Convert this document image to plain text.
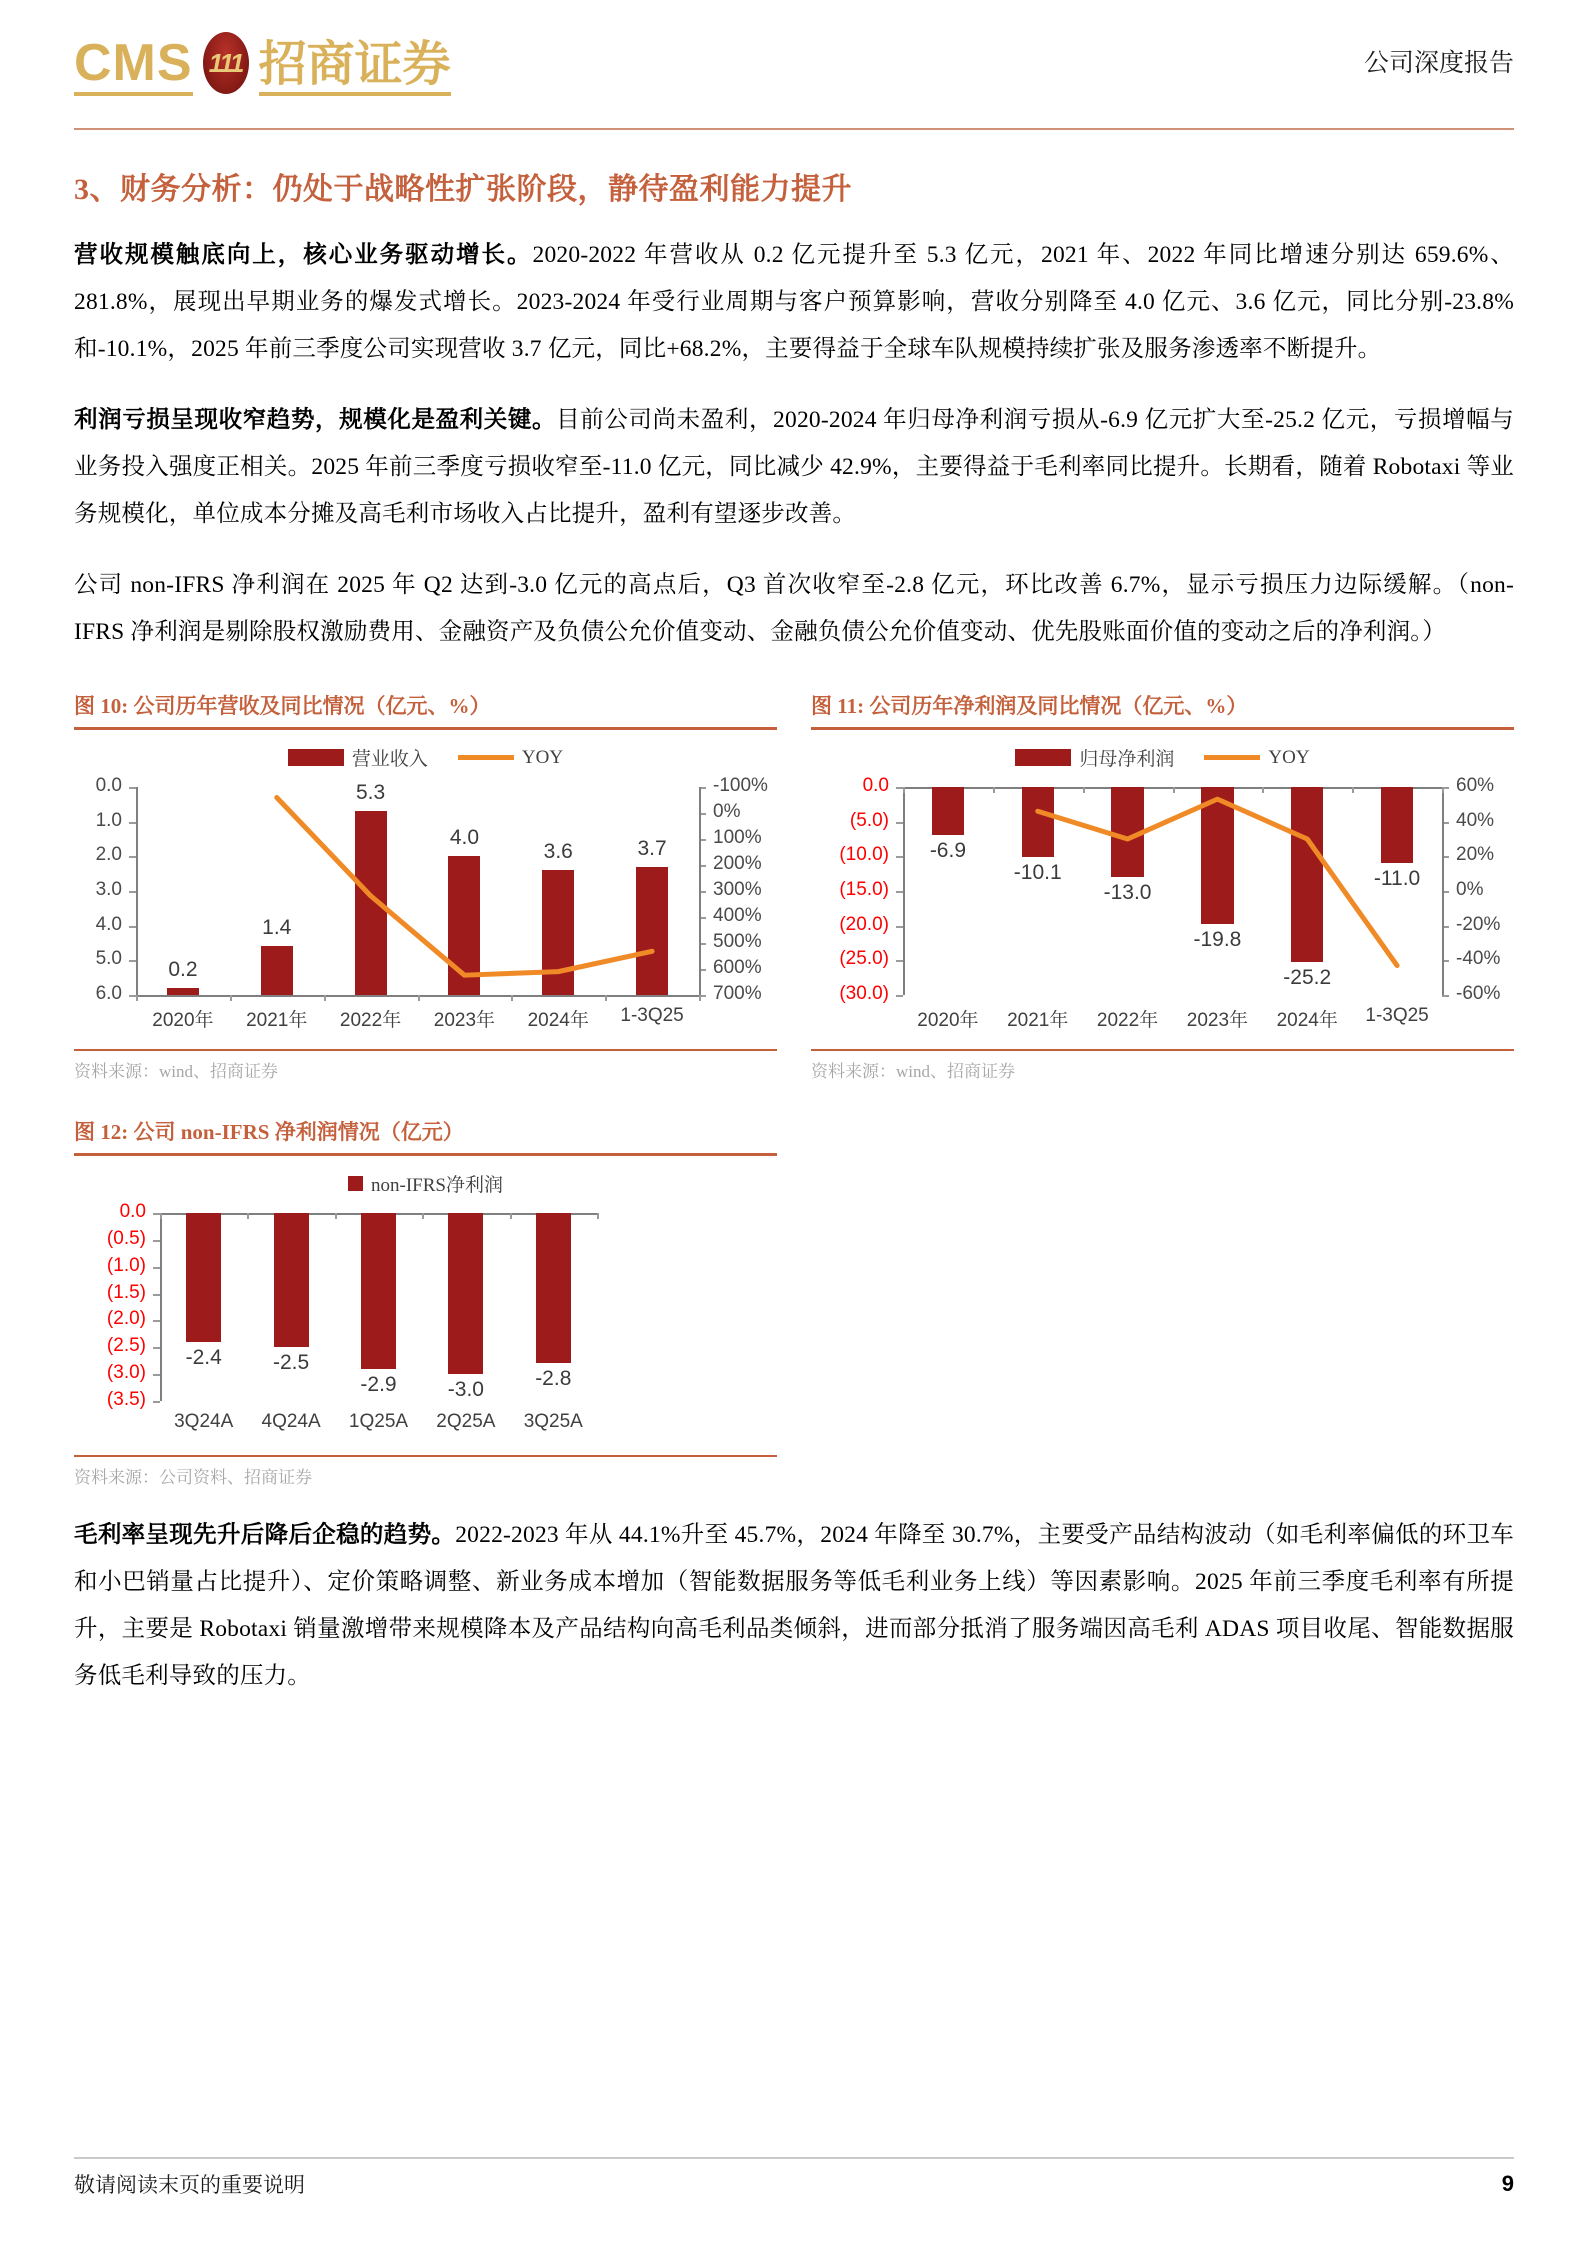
CMS 111 招商证券	公司深度报告
3、财务分析：仍处于战略性扩张阶段，静待盈利能力提升

营收规模触底向上，核心业务驱动增长。2020-2022 年营收从 0.2 亿元提升至 5.3 亿元，2021 年、2022 年同比增速分别达 659.6%、281.8%，展现出早期业务的爆发式增长。2023-2024 年受行业周期与客户预算影响，营收分别降至 4.0 亿元、3.6 亿元，同比分别-23.8%和-10.1%，2025 年前三季度公司实现营收 3.7 亿元，同比+68.2%，主要得益于全球车队规模持续扩张及服务渗透率不断提升。

利润亏损呈现收窄趋势，规模化是盈利关键。目前公司尚未盈利，2020-2024 年归母净利润亏损从-6.9 亿元扩大至-25.2 亿元，亏损增幅与业务投入强度正相关。2025 年前三季度亏损收窄至-11.0 亿元，同比减少 42.9%，主要得益于毛利率同比提升。长期看，随着 Robotaxi 等业务规模化，单位成本分摊及高毛利市场收入占比提升，盈利有望逐步改善。

公司 non-IFRS 净利润在 2025 年 Q2 达到-3.0 亿元的高点后，Q3 首次收窄至-2.8 亿元，环比改善 6.7%，显示亏损压力边际缓解。（non-IFRS 净利润是剔除股权激励费用、金融资产及负债公允价值变动、金融负债公允价值变动、优先股账面价值的变动之后的净利润。）

图 10: 公司历年营收及同比情况（亿元、%）
营业收入	YOY
0.0
1.0
2.0
3.0
4.0
5.0
6.0
-100%
0%
100%
200%
300%
400%
500%
600%
700%
2020年
0.2
2021年
1.4
2022年
5.3
2023年
4.0
2024年
3.6
1-3Q25
3.7
资料来源：wind、招商证券
图 11: 公司历年净利润及同比情况（亿元、%）
归母净利润	YOY
0.0
(5.0)
(10.0)
(15.0)
(20.0)
(25.0)
(30.0)
60%
40%
20%
0%
-20%
-40%
-60%
2020年
-6.9
2021年
-10.1
2022年
-13.0
2023年
-19.8
2024年
-25.2
1-3Q25
-11.0
资料来源：wind、招商证券
图 12: 公司 non-IFRS 净利润情况（亿元）
non-IFRS净利润
0.0
(0.5)
(1.0)
(1.5)
(2.0)
(2.5)
(3.0)
(3.5)
3Q24A
-2.4
4Q24A
-2.5
1Q25A
-2.9
2Q25A
-3.0
3Q25A
-2.8
资料来源：公司资料、招商证券

毛利率呈现先升后降后企稳的趋势。2022-2023 年从 44.1%升至 45.7%，2024 年降至 30.7%，主要受产品结构波动（如毛利率偏低的环卫车和小巴销量占比提升）、定价策略调整、新业务成本增加（智能数据服务等低毛利业务上线）等因素影响。2025 年前三季度毛利率有所提升，主要是 Robotaxi 销量激增带来规模降本及产品结构向高毛利品类倾斜，进而部分抵消了服务端因高毛利 ADAS 项目收尾、智能数据服务低毛利导致的压力。

敬请阅读末页的重要说明	9
